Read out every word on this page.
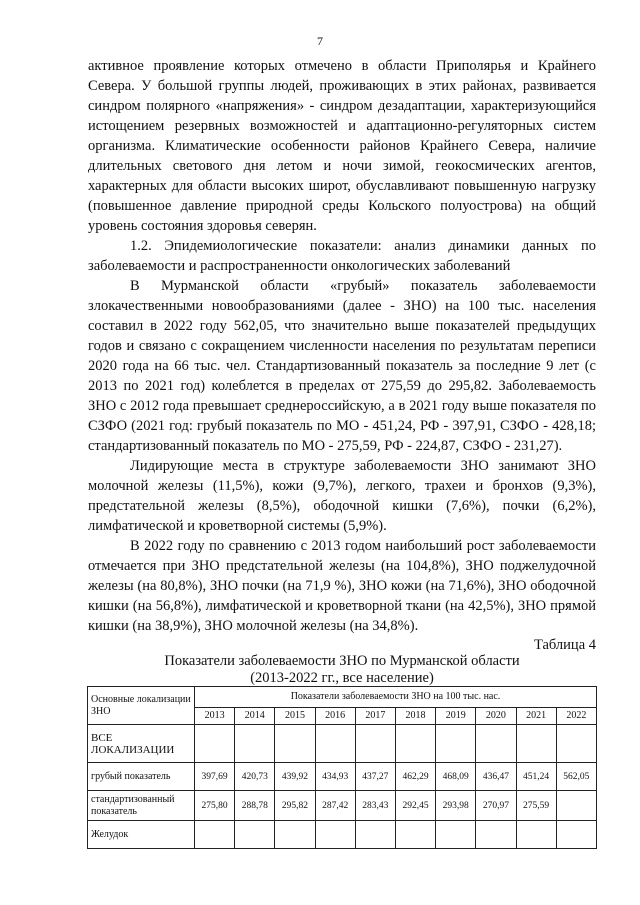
7

активное проявление которых отмечено в области Приполярья и Крайнего Севера. У большой группы людей, проживающих в этих районах, развивается синдром полярного «напряжения» - синдром дезадаптации, характеризующийся истощением резервных возможностей и адаптационно-регуляторных систем организма. Климатические особенности районов Крайнего Севера, наличие длительных светового дня летом и ночи зимой, геокосмических агентов, характерных для области высоких широт, обуславливают повышенную нагрузку (повышенное давление природной среды Кольского полуострова) на общий уровень состояния здоровья северян.

1.2. Эпидемиологические показатели: анализ динамики данных по заболеваемости и распространенности онкологических заболеваний

В Мурманской области «грубый» показатель заболеваемости злокачественными новообразованиями (далее - ЗНО) на 100 тыс. населения составил в 2022 году 562,05, что значительно выше показателей предыдущих годов и связано с сокращением численности населения по результатам переписи 2020 года на 66 тыс. чел. Стандартизованный показатель за последние 9 лет (с 2013 по 2021 год) колеблется в пределах от 275,59 до 295,82. Заболеваемость ЗНО с 2012 года превышает среднероссийскую, а в 2021 году выше показателя по СЗФО (2021 год: грубый показатель по МО - 451,24, РФ - 397,91, СЗФО - 428,18; стандартизованный показатель по МО - 275,59, РФ - 224,87, СЗФО - 231,27).

Лидирующие места в структуре заболеваемости ЗНО занимают ЗНО молочной железы (11,5%), кожи (9,7%), легкого, трахеи и бронхов (9,3%), предстательной железы (8,5%), ободочной кишки (7,6%), почки (6,2%), лимфатической и кроветворной системы (5,9%).

В 2022 году по сравнению с 2013 годом наибольший рост заболеваемости отмечается при ЗНО предстательной железы (на 104,8%), ЗНО поджелудочной железы (на 80,8%), ЗНО почки (на 71,9 %), ЗНО кожи (на 71,6%), ЗНО ободочной кишки (на 56,8%), лимфатической и кроветворной ткани (на 42,5%), ЗНО прямой кишки (на 38,9%), ЗНО молочной железы (на 34,8%).

Таблица 4
Показатели заболеваемости ЗНО по Мурманской области
(2013-2022 гг., все население)
Основные локализации ЗНО	Показатели заболеваемости ЗНО на 100 тыс. нас.									
	2013	2014	2015	2016	2017	2018	2019	2020	2021	2022
ВСЕ ЛОКАЛИЗАЦИИ										
грубый показатель	397,69	420,73	439,92	434,93	437,27	462,29	468,09	436,47	451,24	562,05
стандартизованный показатель	275,80	288,78	295,82	287,42	283,43	292,45	293,98	270,97	275,59	
Желудок										
